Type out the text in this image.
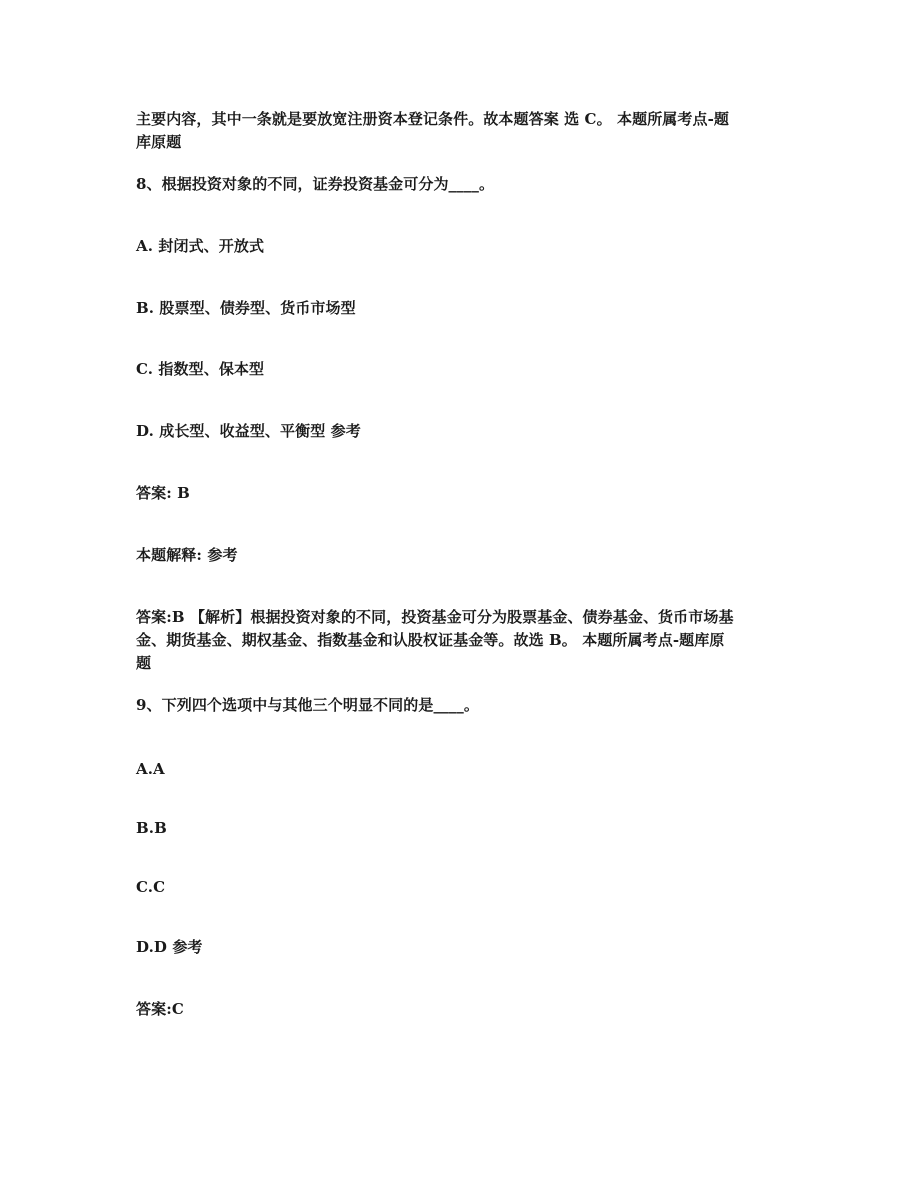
主要内容，其中一条就是要放宽注册资本登记条件。故本题答案 选 C。 本题所属考点-题
库原题
8、根据投资对象的不同，证券投资基金可分为____。
A. 封闭式、开放式
B. 股票型、债券型、货币市场型
C. 指数型、保本型
D. 成长型、收益型、平衡型 参考
答案: B
本题解释: 参考
答案:B 【解析】根据投资对象的不同，投资基金可分为股票基金、债券基金、货币市场基
金、期货基金、期权基金、指数基金和认股权证基金等。故选 B。 本题所属考点-题库原
题
9、下列四个选项中与其他三个明显不同的是____。
A.A
B.B
C.C
D.D 参考
答案:C
